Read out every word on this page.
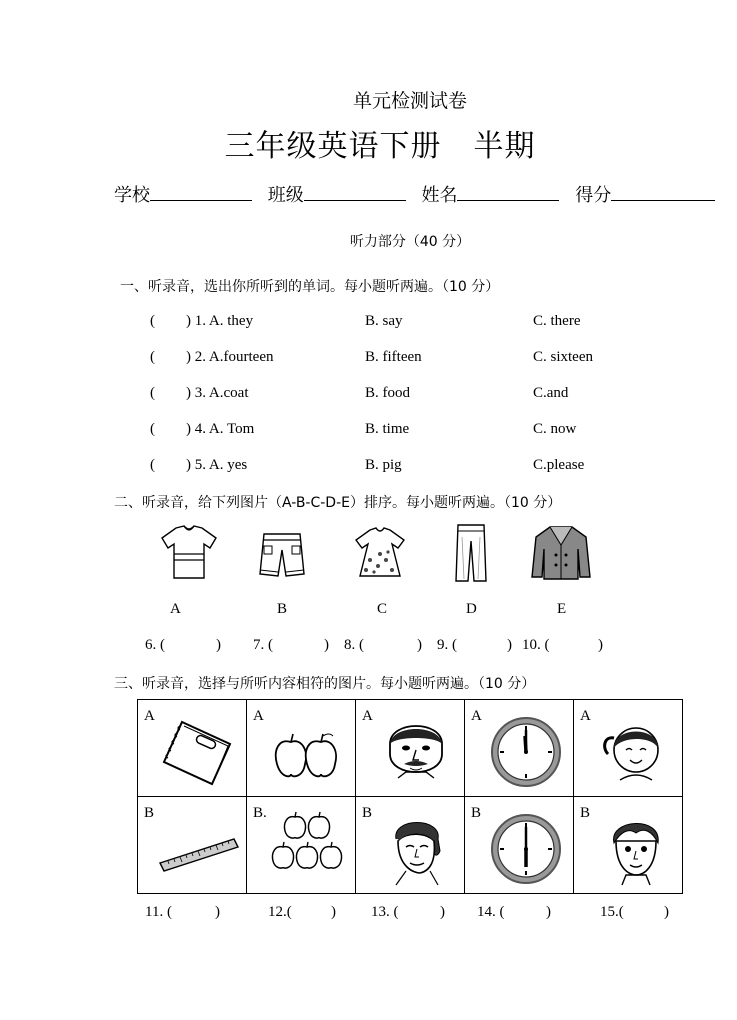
单元检测试卷
三年级英语下册 半期
学校	班级	姓名	得分
听力部分（40 分）
一、听录音，选出你所听到的单词。每小题听两遍。（10 分）
( ) 1. A. they	B. say	C. there
( ) 2. A.fourteen	B. fifteen	C. sixteen
( ) 3. A.coat	B. food	C.and
( ) 4. A. Tom	B. time	C. now
( ) 5. A. yes	B. pig	C.please
二、听录音，给下列图片（A-B-C-D-E）排序。每小题听两遍。（10 分）
A	B	C	D	E
6. (	) 7. (	) 8. (	) 9. (	) 10. (	)
三、听录音，选择与所听内容相符的图片。每小题听两遍。（10 分）
A	A	A	A	A

B	B.	B	B	B
11. (	)	12.(	) 13. (	) 14. (	)	15.(	)
